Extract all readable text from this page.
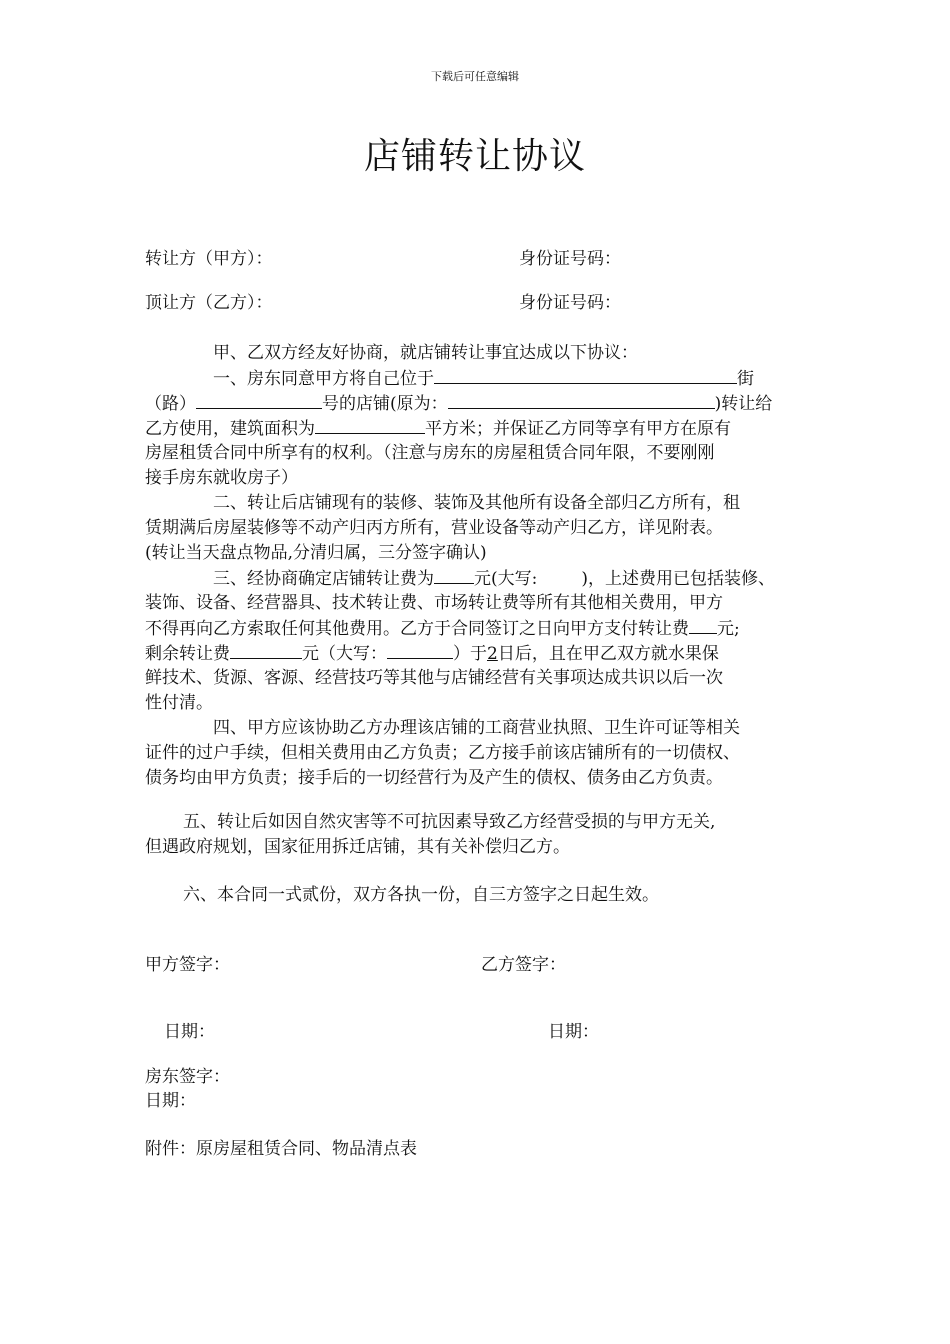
下载后可任意编辑
店铺转让协议
转让方（甲方）：	身份证号码：
顶让方（乙方）：	身份证号码：
甲、乙双方经友好协商，就店铺转让事宜达成以下协议：
一、房东同意甲方将自己位于	街
（路）	号的店铺(原为：	)转让给
乙方使用，建筑面积为	平方米；并保证乙方同等享有甲方在原有
房屋租赁合同中所享有的权利。（注意与房东的房屋租赁合同年限，不要刚刚
接手房东就收房子）
二、转让后店铺现有的装修、装饰及其他所有设备全部归乙方所有，租
赁期满后房屋装修等不动产归丙方所有，营业设备等动产归乙方，详见附表。
(转让当天盘点物品,分清归属，三分签字确认)
三、经协商确定店铺转让费为 元(大写:	)，上述费用已包括装修、
装饰、设备、经营器具、技术转让费、市场转让费等所有其他相关费用，甲方
不得再向乙方索取任何其他费用。乙方于合同签订之日向甲方支付转让费 元;
剩余转让费	元（大写：	）于2日后，且在甲乙双方就水果保
鲜技术、货源、客源、经营技巧等其他与店铺经营有关事项达成共识以后一次
性付清。
四、甲方应该协助乙方办理该店铺的工商营业执照、卫生许可证等相关
证件的过户手续，但相关费用由乙方负责；乙方接手前该店铺所有的一切债权、
债务均由甲方负责；接手后的一切经营行为及产生的债权、债务由乙方负责。
五、转让后如因自然灾害等不可抗因素导致乙方经营受损的与甲方无关,
但遇政府规划，国家征用拆迁店铺，其有关补偿归乙方。
六、本合同一式贰份，双方各执一份，自三方签字之日起生效。
甲方签字：	乙方签字：
日期：	日期：
房东签字：
日期：
附件：原房屋租赁合同、物品清点表
